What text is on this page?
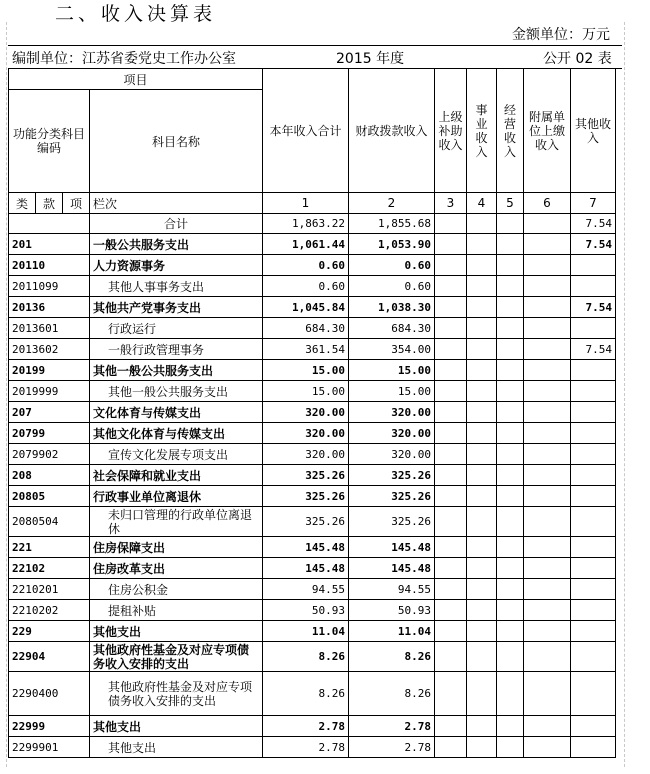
二、收入决算表
金额单位：万元
编制单位：江苏省委党史工作办公室	2015 年度	公开 02 表
项目				本年收入合计	财政拨款收入	上级补助收入	事业收入	经营收入	附属单位上缴收入	其他收入
功能分类科目编码			科目名称							
类	款	项	栏次	1	2	3	4	5	6	7
			合计	1,863.22	1,855.68					7.54
201			一般公共服务支出	1,061.44	1,053.90					7.54
20110			人力资源事务	0.60	0.60					
2011099			其他人事事务支出	0.60	0.60					
20136			其他共产党事务支出	1,045.84	1,038.30					7.54
2013601			行政运行	684.30	684.30					
2013602			一般行政管理事务	361.54	354.00					7.54
20199			其他一般公共服务支出	15.00	15.00					
2019999			其他一般公共服务支出	15.00	15.00					
207			文化体育与传媒支出	320.00	320.00					
20799			其他文化体育与传媒支出	320.00	320.00					
2079902			宣传文化发展专项支出	320.00	320.00					
208			社会保障和就业支出	325.26	325.26					
20805			行政事业单位离退休	325.26	325.26					
2080504			未归口管理的行政单位离退休	325.26	325.26					
221			住房保障支出	145.48	145.48					
22102			住房改革支出	145.48	145.48					
2210201			住房公积金	94.55	94.55					
2210202			提租补贴	50.93	50.93					
229			其他支出	11.04	11.04					
22904			其他政府性基金及对应专项债务收入安排的支出	8.26	8.26					
2290400			其他政府性基金及对应专项债务收入安排的支出	8.26	8.26					
22999			其他支出	2.78	2.78					
2299901			其他支出	2.78	2.78					
